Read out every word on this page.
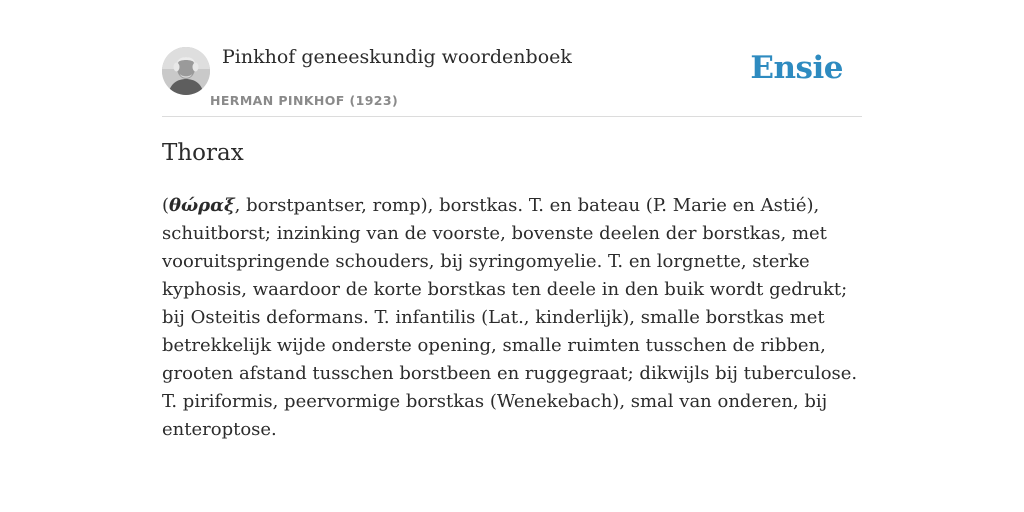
Pinkhof geneeskundig woordenboek
HERMAN PINKHOF (1923)
Ensie
Thorax

(θώραξ, borstpantser, romp), borstkas. T. en bateau (P. Marie en Astié), schuitborst; inzinking van de voorste, bovenste deelen der borstkas, met vooruitspringende schouders, bij syringomyelie. T. en lorgnette, sterke kyphosis, waardoor de korte borstkas ten deele in den buik wordt gedrukt; bij Osteitis deformans. T. infantilis (Lat., kinderlijk), smalle borstkas met betrekkelijk wijde onderste opening, smalle ruimten tusschen de ribben, grooten afstand tusschen borstbeen en ruggegraat; dikwijls bij tuberculose. T. piriformis, peervormige borstkas (Wenekebach), smal van onderen, bij enteroptose.
